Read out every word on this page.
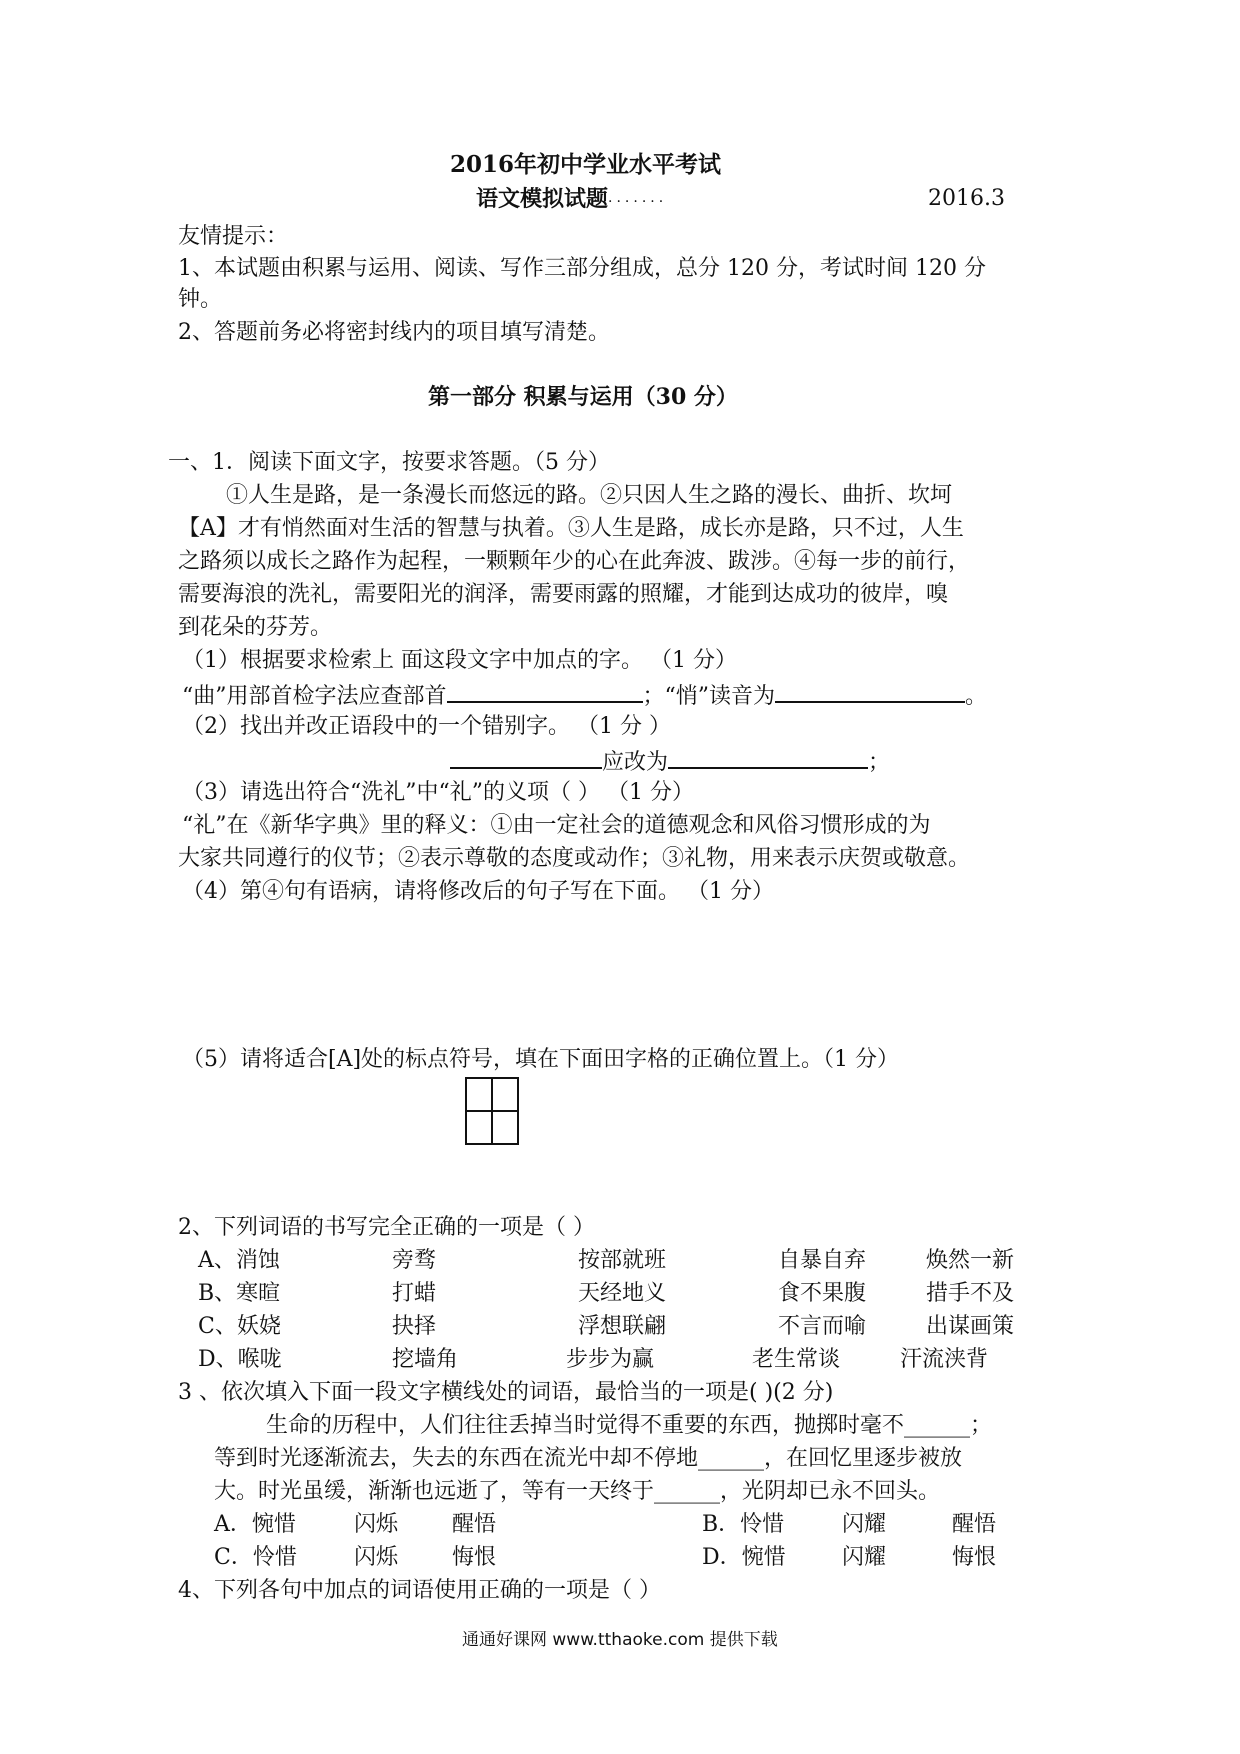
2016年初中学业水平考试
语文模拟试题·······	2016.3
友情提示：
1、本试题由积累与运用、阅读、写作三部分组成，总分 120 分，考试时间 120 分
钟。
2、答题前务必将密封线内的项目填写清楚。
第一部分 积累与运用（30 分）
一、1．阅读下面文字，按要求答题。（5 分）
①人生是路，是一条漫长而悠远的路。②只因人生之路的漫长、曲折、坎坷
【A】才有悄然面对生活的智慧与执着。③人生是路，成长亦是路，只不过，人生
之路须以成长之路作为起程，一颗颗年少的心在此奔波、跋涉。④每一步的前行，
需要海浪的洗礼，需要阳光的润泽，需要雨露的照耀，才能到达成功的彼岸，嗅
到花朵的芬芳。
（1）根据要求检索上 面这段文字中加点的字。 （1 分）
“曲”用部首检字法应查部首	；“悄”读音为	。
（2）找出并改正语段中的一个错别字。 （1 分 ）
应改为	；
（3）请选出符合“洗礼”中“礼”的义项（ ） （1 分）
“礼”在《新华字典》里的释义：①由一定社会的道德观念和风俗习惯形成的为
大家共同遵行的仪节；②表示尊敬的态度或动作；③礼物，用来表示庆贺或敬意。
（4）第④句有语病，请将修改后的句子写在下面。 （1 分）
（5）请将适合[A]处的标点符号，填在下面田字格的正确位置上。（1 分）
2、下列词语的书写完全正确的一项是（ ）
A、消蚀	旁骛	按部就班	自暴自弃	焕然一新
B、寒暄	打蜡	天经地义	食不果腹	措手不及
C、妖娆	抉择	浮想联翩	不言而喻	出谋画策
D、喉咙	挖墙角	步步为赢	老生常谈	汗流浃背
3 、依次填入下面一段文字横线处的词语，最恰当的一项是( )(2 分)
生命的历程中，人们往往丢掉当时觉得不重要的东西，抛掷时毫不______；
等到时光逐渐流去，失去的东西在流光中却不停地______，在回忆里逐步被放
大。时光虽缓，渐渐也远逝了，等有一天终于______，光阴却已永不回头。
A．惋惜	闪烁 醒悟	B．怜惜	闪耀	醒悟
C．怜惜	闪烁 悔恨	D．惋惜	闪耀	悔恨
4、下列各句中加点的词语使用正确的一项是（ ）
通通好课网 www.tthaoke.com 提供下载
